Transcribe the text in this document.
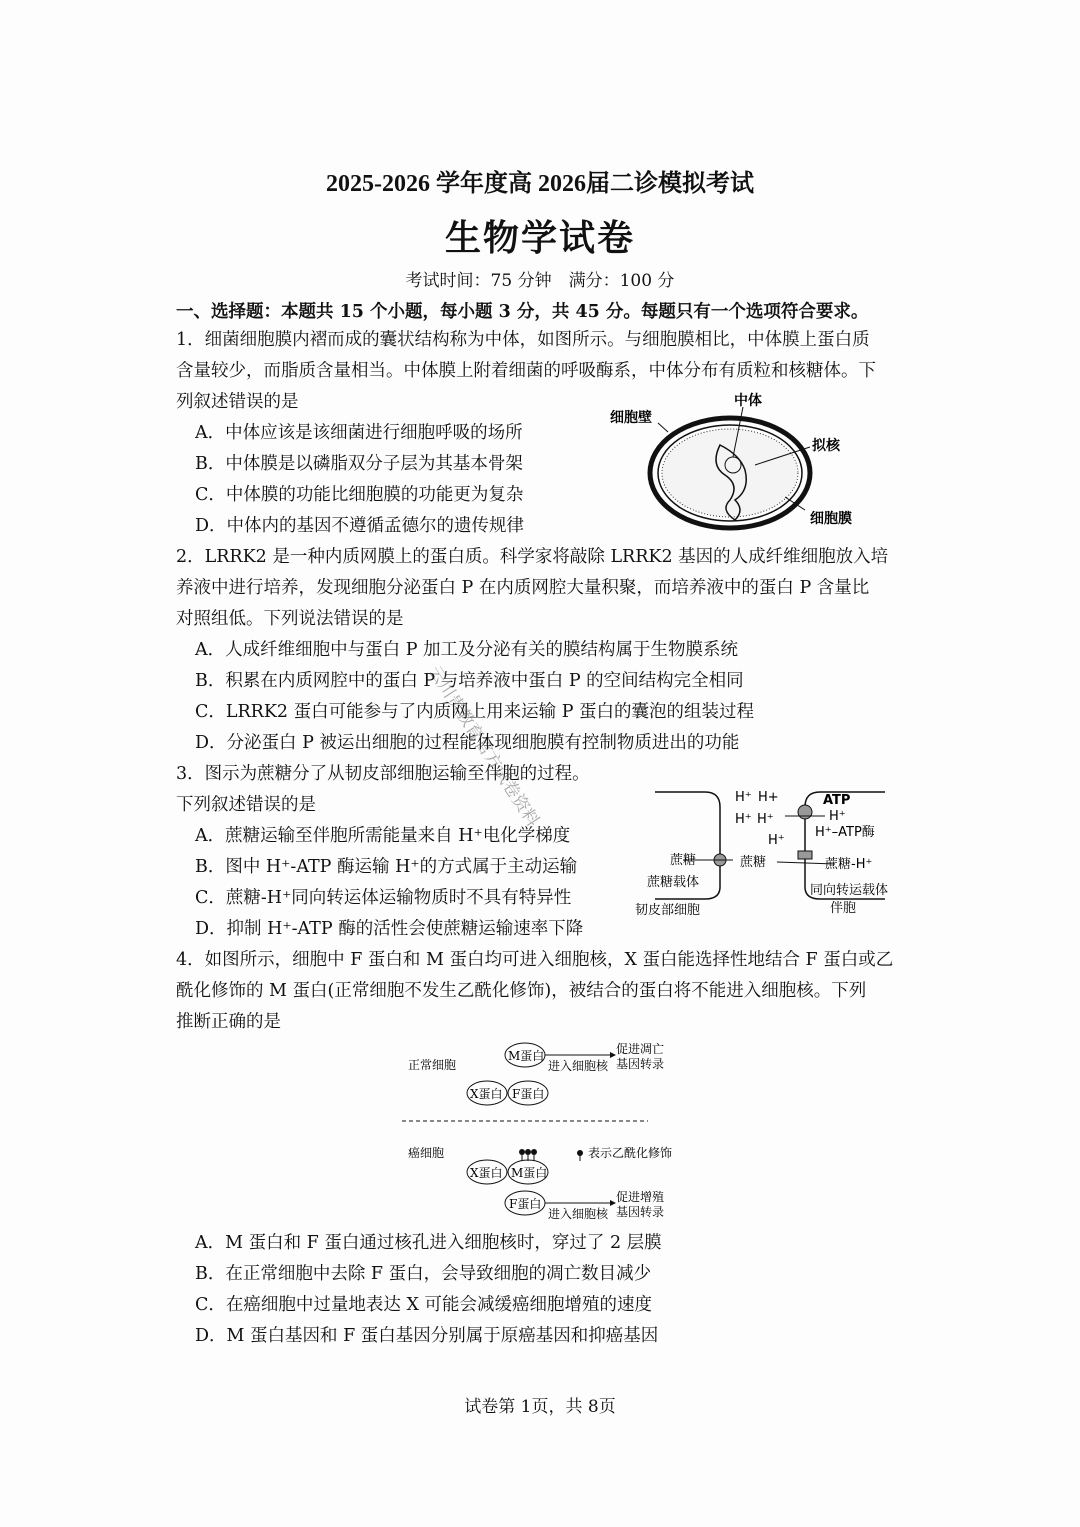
2025-2026 学年度高 2026届二诊模拟考试
生物学试卷
考试时间：75 分钟　满分：100 分
一、选择题：本题共 15 个小题，每小题 3 分，共 45 分。每题只有一个选项符合要求。
1．细菌细胞膜内褶而成的囊状结构称为中体，如图所示。与细胞膜相比，中体膜上蛋白质
含量较少，而脂质含量相当。中体膜上附着细菌的呼吸酶系，中体分布有质粒和核糖体。下
列叙述错误的是
A．中体应该是该细菌进行细胞呼吸的场所
B．中体膜是以磷脂双分子层为其基本骨架
C．中体膜的功能比细胞膜的功能更为复杂
D．中体内的基因不遵循孟德尔的遗传规律
2．LRRK2 是一种内质网膜上的蛋白质。科学家将敲除 LRRK2 基因的人成纤维细胞放入培
养液中进行培养，发现细胞分泌蛋白 P 在内质网腔大量积聚，而培养液中的蛋白 P 含量比
对照组低。下列说法错误的是
A．人成纤维细胞中与蛋白 P 加工及分泌有关的膜结构属于生物膜系统
B．积累在内质网腔中的蛋白 P 与培养液中蛋白 P 的空间结构完全相同
C．LRRK2 蛋白可能参与了内质网上用来运输 P 蛋白的囊泡的组装过程
D．分泌蛋白 P 被运出细胞的过程能体现细胞膜有控制物质进出的功能
3．图示为蔗糖分了从韧皮部细胞运输至伴胞的过程。
下列叙述错误的是
A．蔗糖运输至伴胞所需能量来自 H⁺电化学梯度
B．图中 H⁺-ATP 酶运输 H⁺的方式属于主动运输
C．蔗糖-H⁺同向转运体运输物质时不具有特异性
D．抑制 H⁺-ATP 酶的活性会使蔗糖运输速率下降
4．如图所示，细胞中 F 蛋白和 M 蛋白均可进入细胞核，X 蛋白能选择性地结合 F 蛋白或乙
酰化修饰的 M 蛋白(正常细胞不发生乙酰化修饰)，被结合的蛋白将不能进入细胞核。下列
推断正确的是
A．M 蛋白和 F 蛋白通过核孔进入细胞核时，穿过了 2 层膜
B．在正常细胞中去除 F 蛋白，会导致细胞的凋亡数目减少
C．在癌细胞中过量地表达 X 可能会减缓癌细胞增殖的速度
D．M 蛋白基因和 F 蛋白基因分别属于原癌基因和抑癌基因
中体
细胞壁
拟核
细胞膜
H⁺ H+
H⁺ H⁺
H⁺
ATP
H⁺
H⁺–ATP酶
蔗糖	蔗糖	蔗糖-H⁺
蔗糖载体
同向转运载体
韧皮部细胞	伴胞
正常细胞
M蛋白
进入细胞核
促进凋亡
基因转录
X蛋白 F蛋白
癌细胞	表示乙酰化修饰
X蛋白 M蛋白
F蛋白
进入细胞核
促进增殖
基因转录
云川贵教育官方试卷资料
试卷第 1页，共 8页
